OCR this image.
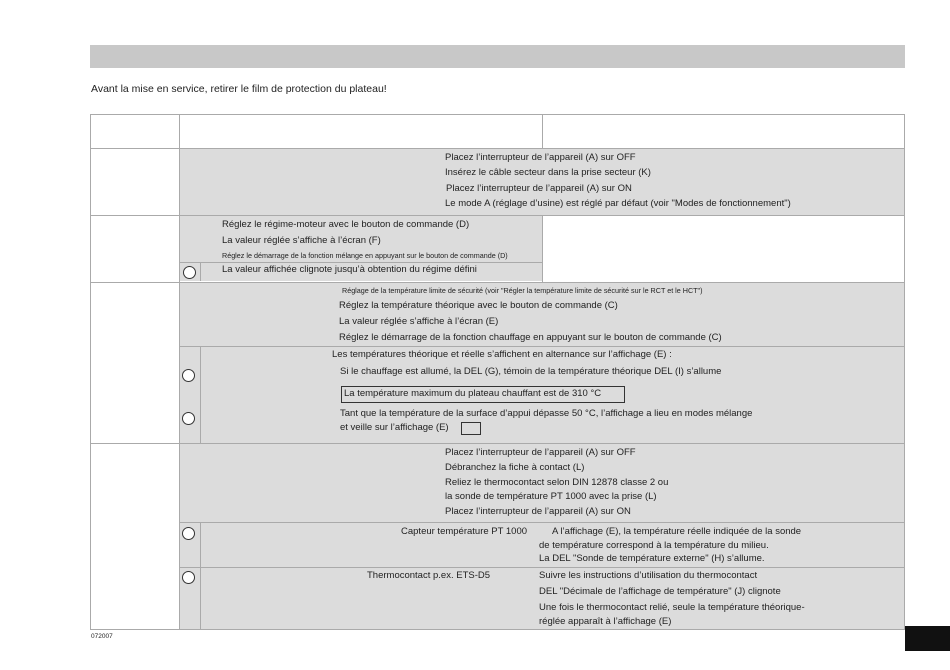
Avant la mise en service, retirer le film de protection du plateau!
Placez l’interrupteur de l’appareil (A) sur OFF
Insérez le câble secteur dans la prise secteur (K)
Placez l’interrupteur de l’appareil (A) sur ON
Le mode A (réglage d’usine) est réglé par défaut (voir "Modes de fonctionnement")
Réglez le régime-moteur avec le bouton de commande (D)
La valeur réglée s’affiche à l’écran (F)
Réglez le démarrage de la fonction mélange en appuyant sur le bouton de commande (D)
La valeur affichée clignote jusqu’à obtention du régime défini
Réglage de la température limite de sécurité (voir "Régler la température limite de sécurité sur le RCT et le HCT")
Réglez la température théorique avec le bouton de commande (C)
La valeur réglée s’affiche à l’écran (E)
Réglez le démarrage de la fonction chauffage en appuyant sur le bouton de commande (C)
Les températures théorique et réelle s’affichent en alternance sur l’affichage (E) :
Si le chauffage est allumé, la DEL (G), témoin de la température théorique DEL (I) s’allume
La température maximum du plateau chauffant est de 310 °C
Tant que la température de la surface d’appui dépasse 50 °C, l’affichage a lieu en modes mélange
et veille sur l’affichage (E)
Placez l’interrupteur de l’appareil (A) sur OFF
Débranchez la fiche à contact (L)
Reliez le thermocontact selon DIN 12878 classe 2 ou
la sonde de température PT 1000 avec la prise (L)
Placez l’interrupteur de l’appareil (A) sur ON
Capteur température PT 1000	A l’affichage (E), la température réelle indiquée de la sonde
de température correspond à la température du milieu.
La DEL "Sonde de température externe" (H) s’allume.
Thermocontact p.ex. ETS-D5	Suivre les instructions d’utilisation du thermocontact
DEL "Décimale de l’affichage de température" (J) clignote
Une fois le thermocontact relié, seule la température théorique-
réglée apparaît à l’affichage (E)
072007
